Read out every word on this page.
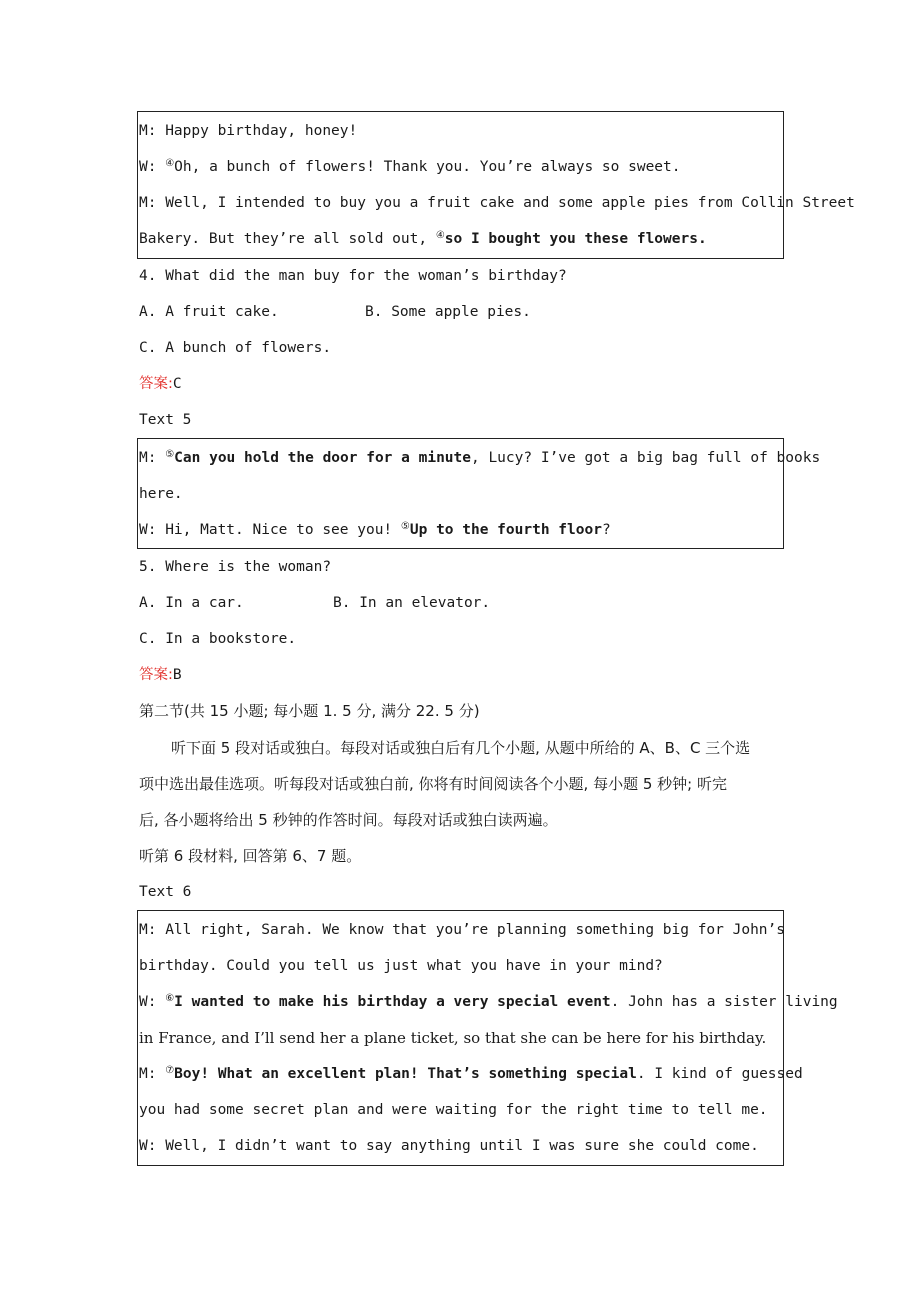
M: Happy birthday, honey!
W: ④Oh, a bunch of flowers! Thank you. You’re always so sweet.
M: Well, I intended to buy you a fruit cake and some apple pies from Collin Street
Bakery. But they’re all sold out, ④so I bought you these flowers.
4. What did the man buy for the woman’s birthday?
A. A fruit cake.	B. Some apple pies.
C. A bunch of flowers.
答案:C
Text 5
M: ⑤Can you hold the door for a minute, Lucy? I’ve got a big bag full of books
here.
W: Hi, Matt. Nice to see you! ⑤Up to the fourth floor?
5. Where is the woman?
A. In a car.	B. In an elevator.
C. In a bookstore.
答案:B
第二节(共 15 小题; 每小题 1. 5 分, 满分 22. 5 分)
听下面 5 段对话或独白。每段对话或独白后有几个小题, 从题中所给的 A、B、C 三个选
项中选出最佳选项。听每段对话或独白前, 你将有时间阅读各个小题, 每小题 5 秒钟; 听完
后, 各小题将给出 5 秒钟的作答时间。每段对话或独白读两遍。
听第 6 段材料, 回答第 6、7 题。
Text 6
M: All right, Sarah. We know that you’re planning something big for John’s
birthday. Could you tell us just what you have in your mind?
W: ⑥I wanted to make his birthday a very special event. John has a sister living
in France, and I’ll send her a plane ticket, so that she can be here for his birthday.
M: ⑦Boy! What an excellent plan! That’s something special. I kind of guessed
you had some secret plan and were waiting for the right time to tell me.
W: Well, I didn’t want to say anything until I was sure she could come.
